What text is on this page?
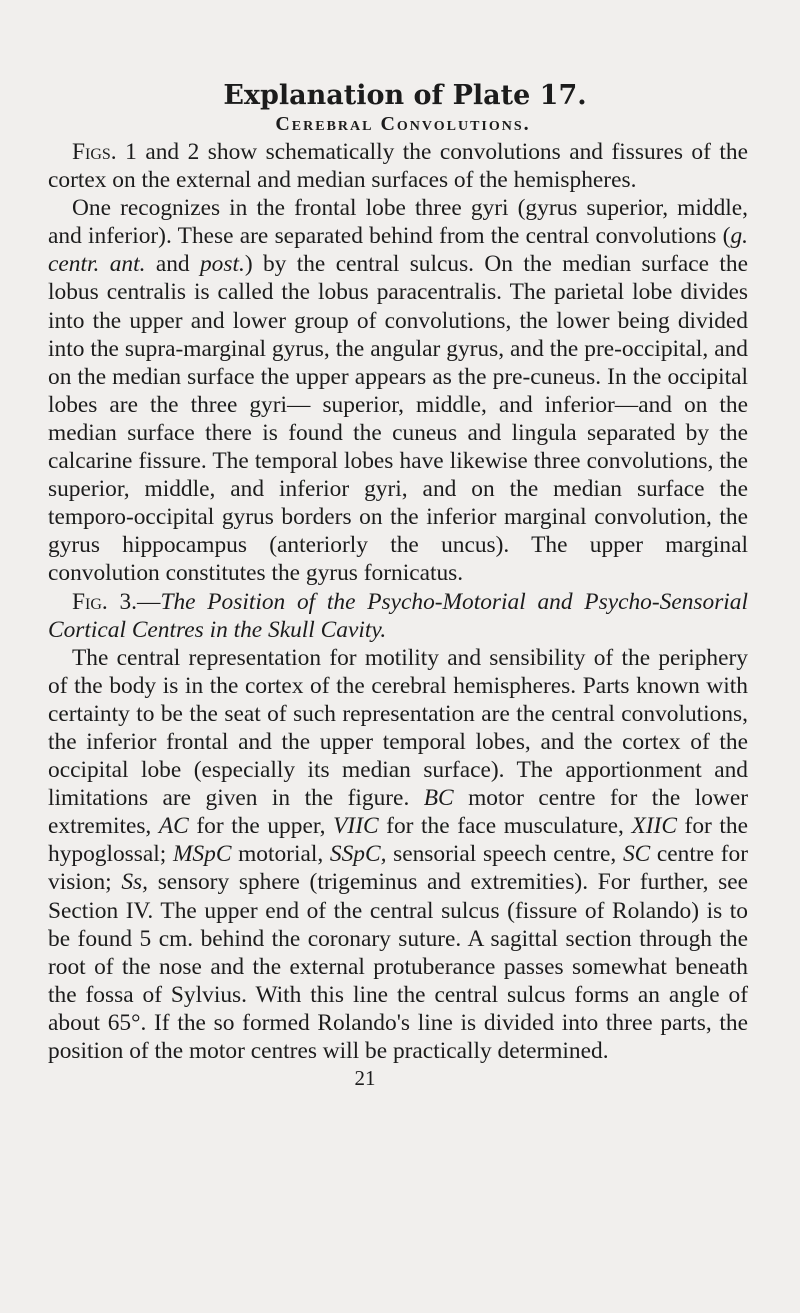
Explanation of Plate 17.
Cerebral Convolutions.

Figs. 1 and 2 show schematically the convolutions and fissures of the cortex on the external and median surfaces of the hemispheres.

One recognizes in the frontal lobe three gyri (gyrus superior, middle, and inferior). These are separated behind from the central convolutions (g. centr. ant. and post.) by the central sulcus. On the median surface the lobus centralis is called the lobus paracentralis. The parietal lobe divides into the upper and lower group of convolutions, the lower being divided into the supra-marginal gyrus, the angular gyrus, and the pre-occipital, and on the median surface the upper appears as the pre-cuneus. In the occipital lobes are the three gyri— superior, middle, and inferior—and on the median surface there is found the cuneus and lingula separated by the calcarine fissure. The temporal lobes have likewise three convolutions, the superior, middle, and inferior gyri, and on the median surface the temporo-occipital gyrus borders on the inferior marginal convolution, the gyrus hippocampus (anteriorly the uncus). The upper marginal convolution constitutes the gyrus fornicatus.

Fig. 3.—The Position of the Psycho-Motorial and Psycho-Sensorial Cortical Centres in the Skull Cavity.

The central representation for motility and sensibility of the periphery of the body is in the cortex of the cerebral hemispheres. Parts known with certainty to be the seat of such representation are the central convolutions, the inferior frontal and the upper temporal lobes, and the cortex of the occipital lobe (especially its median surface). The apportionment and limitations are given in the figure. BC motor centre for the lower extremites, AC for the upper, VIIC for the face musculature, XIIC for the hypoglossal; MSpC motorial, SSpC, sensorial speech centre, SC centre for vision; Ss, sensory sphere (trigeminus and extremities). For further, see Section IV. The upper end of the central sulcus (fissure of Rolando) is to be found 5 cm. behind the coronary suture. A sagittal section through the root of the nose and the external protuberance passes somewhat beneath the fossa of Sylvius. With this line the central sulcus forms an angle of about 65°. If the so formed Rolando's line is divided into three parts, the position of the motor centres will be practically determined.

21
